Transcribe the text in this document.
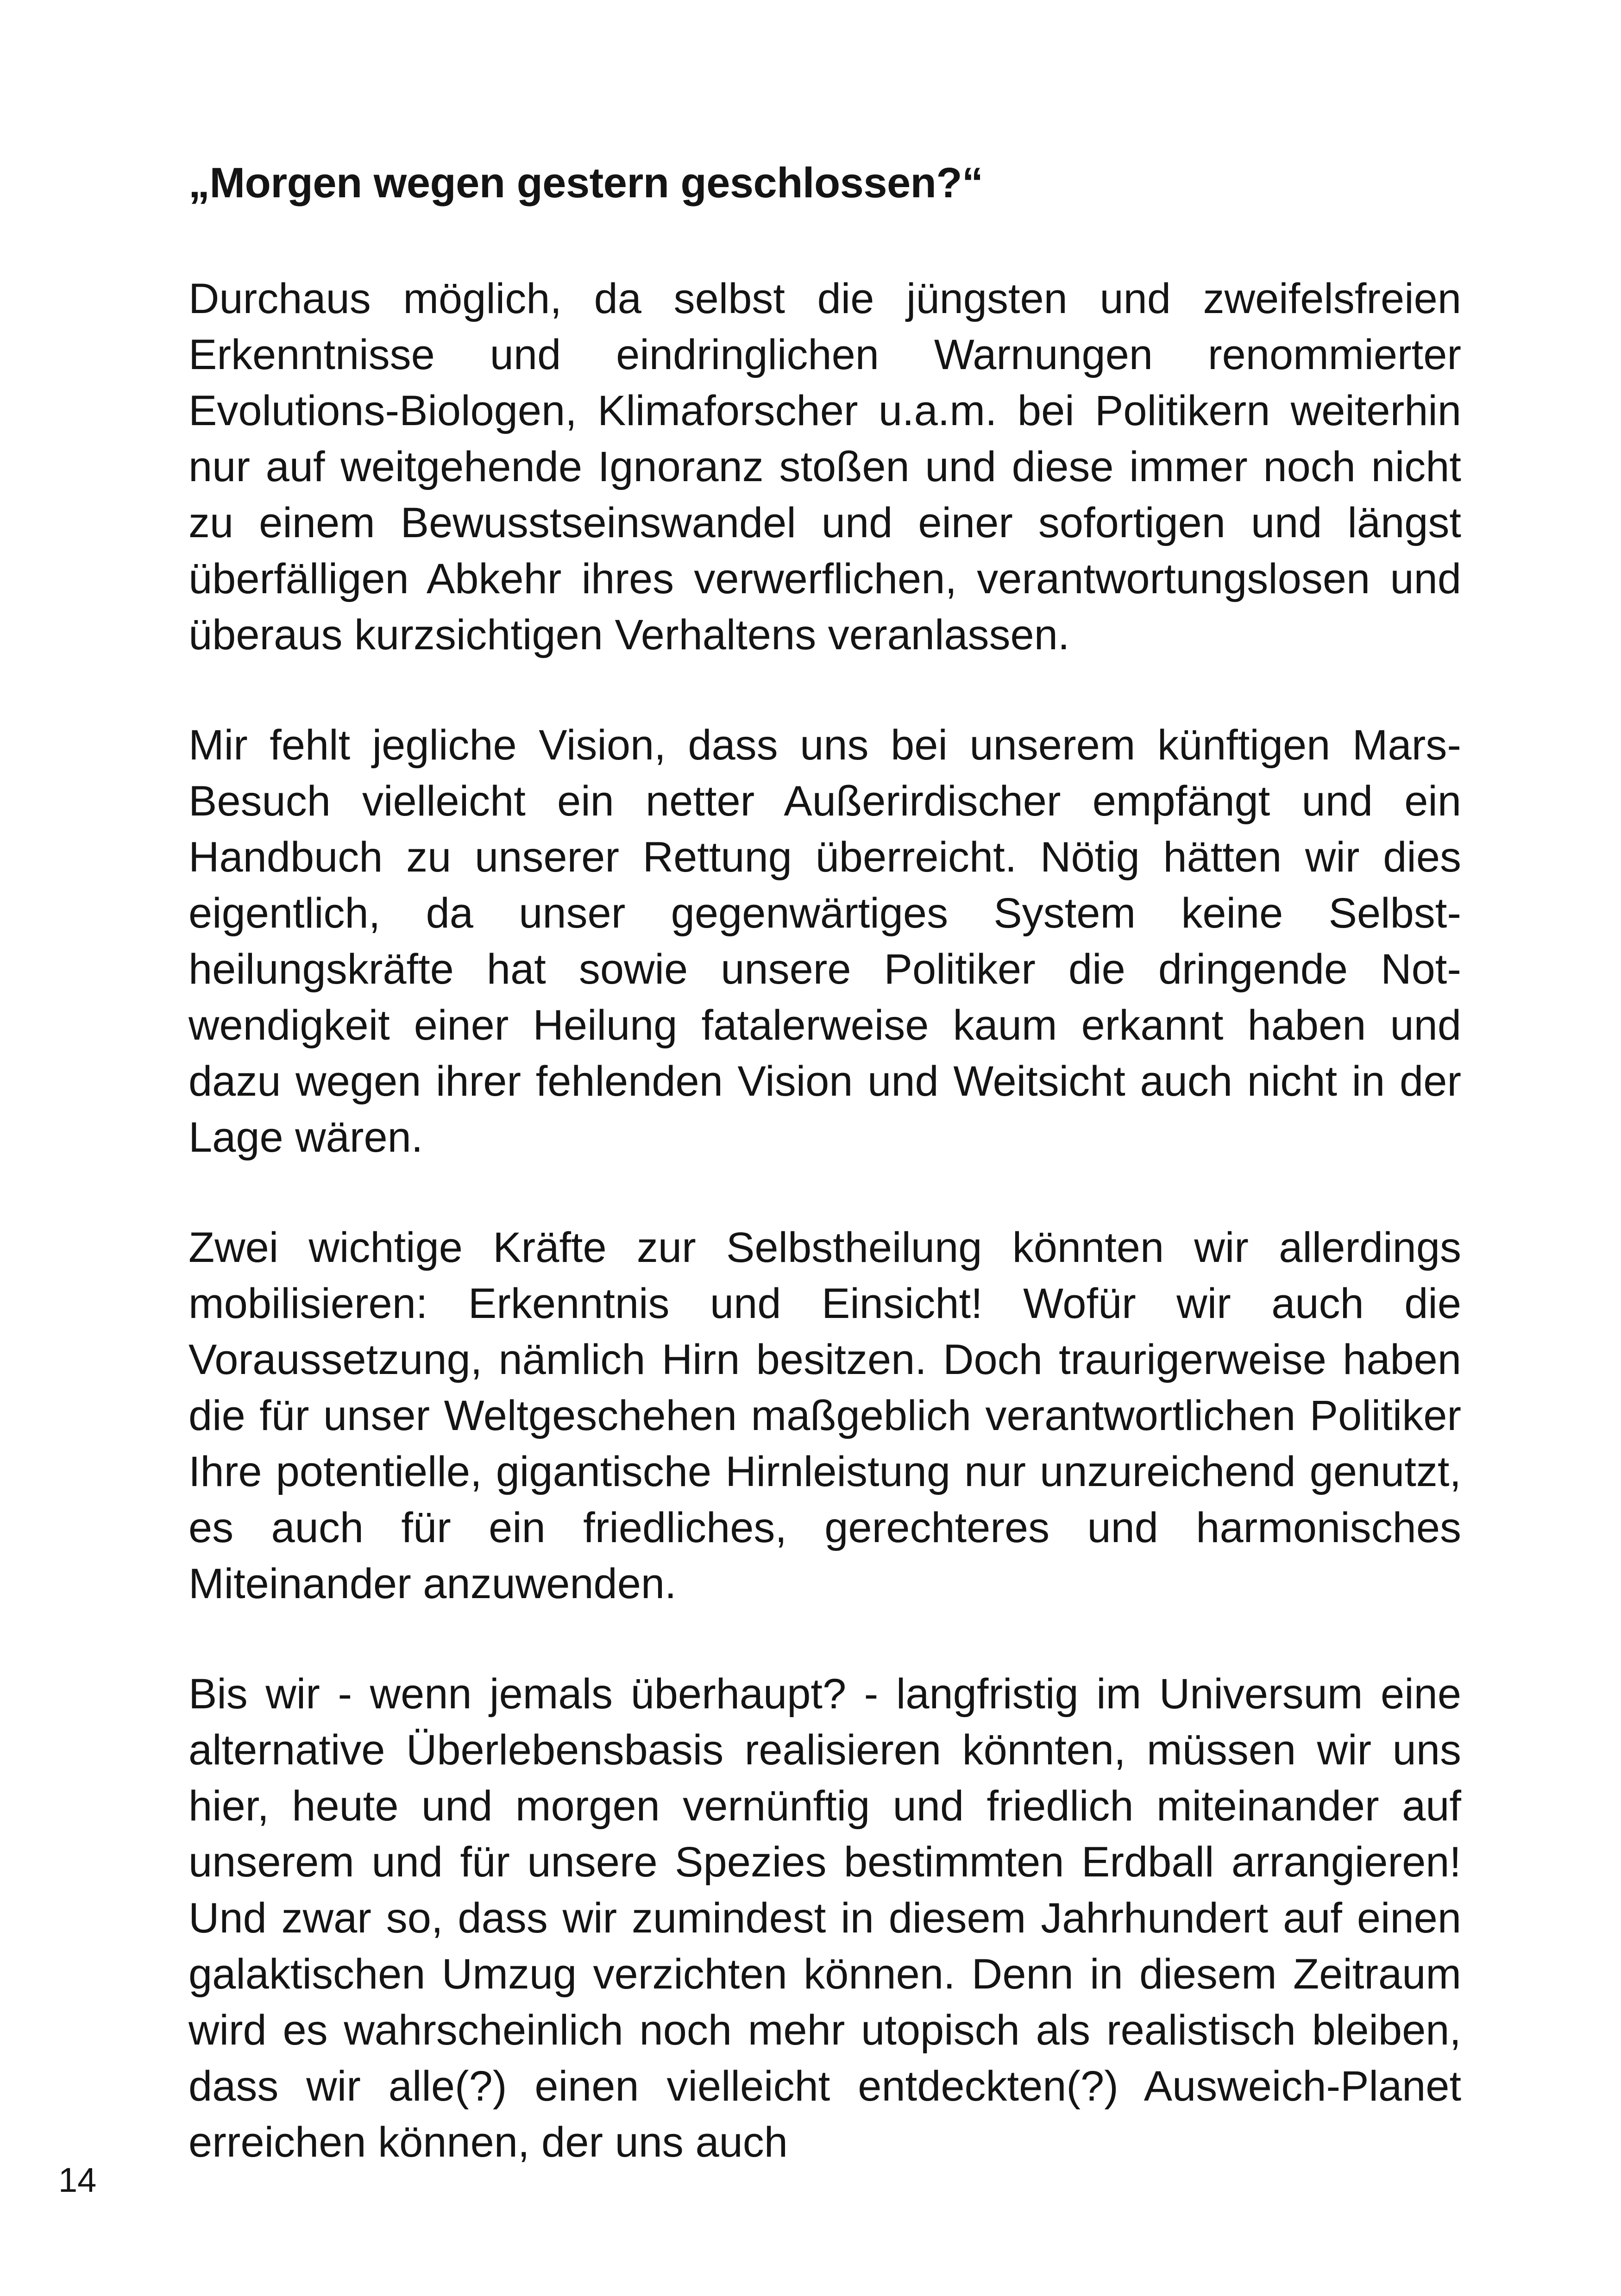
„Morgen wegen gestern geschlossen?“

Durchaus möglich, da selbst die jüngsten und zweifelsfreien Erkenntnisse und eindringlichen Warnungen renommierter Evolutions-Biologen, Klimaforscher u.a.m. bei Politikern weiterhin nur auf weitgehende Ignoranz stoßen und diese immer noch nicht zu einem Bewusstseinswandel und einer sofortigen und längst überfälligen Abkehr ihres verwerflichen, verantwortungslosen und überaus kurzsichtigen Verhaltens veranlassen.

Mir fehlt jegliche Vision, dass uns bei unserem künftigen MarsBesuch vielleicht ein netter Außerirdischer empfängt und ein Handbuch zu unserer Rettung überreicht. Nötig hätten wir dies eigentlich, da unser gegenwärtiges System keine Selbstheilungskräfte hat sowie unsere Politiker die dringende Notwendigkeit einer Heilung fatalerweise kaum erkannt haben und dazu wegen ihrer fehlenden Vision und Weitsicht auch nicht in der Lage wären.

Zwei wichtige Kräfte zur Selbstheilung könnten wir allerdings mobilisieren: Erkenntnis und Einsicht! Wofür wir auch die Voraussetzung, nämlich Hirn besitzen. Doch traurigerweise haben die für unser Weltgeschehen maßgeblich verantwortlichen Politiker Ihre potentielle, gigantische Hirnleistung nur unzureichend genutzt, es auch für ein friedliches, gerechteres und harmonisches Miteinander anzuwenden.

Bis wir - wenn jemals überhaupt? - langfristig im Universum eine alternative Überlebensbasis realisieren könnten, müssen wir uns hier, heute und morgen vernünftig und friedlich miteinander auf unserem und für unsere Spezies bestimmten Erdball arrangieren! Und zwar so, dass wir zumindest in diesem Jahrhundert auf einen galaktischen Umzug verzichten können. Denn in diesem Zeitraum wird es wahrscheinlich noch mehr utopisch als realistisch bleiben, dass wir alle(?) einen vielleicht entdeckten(?) Ausweich-Planet erreichen können, der uns auch

14
